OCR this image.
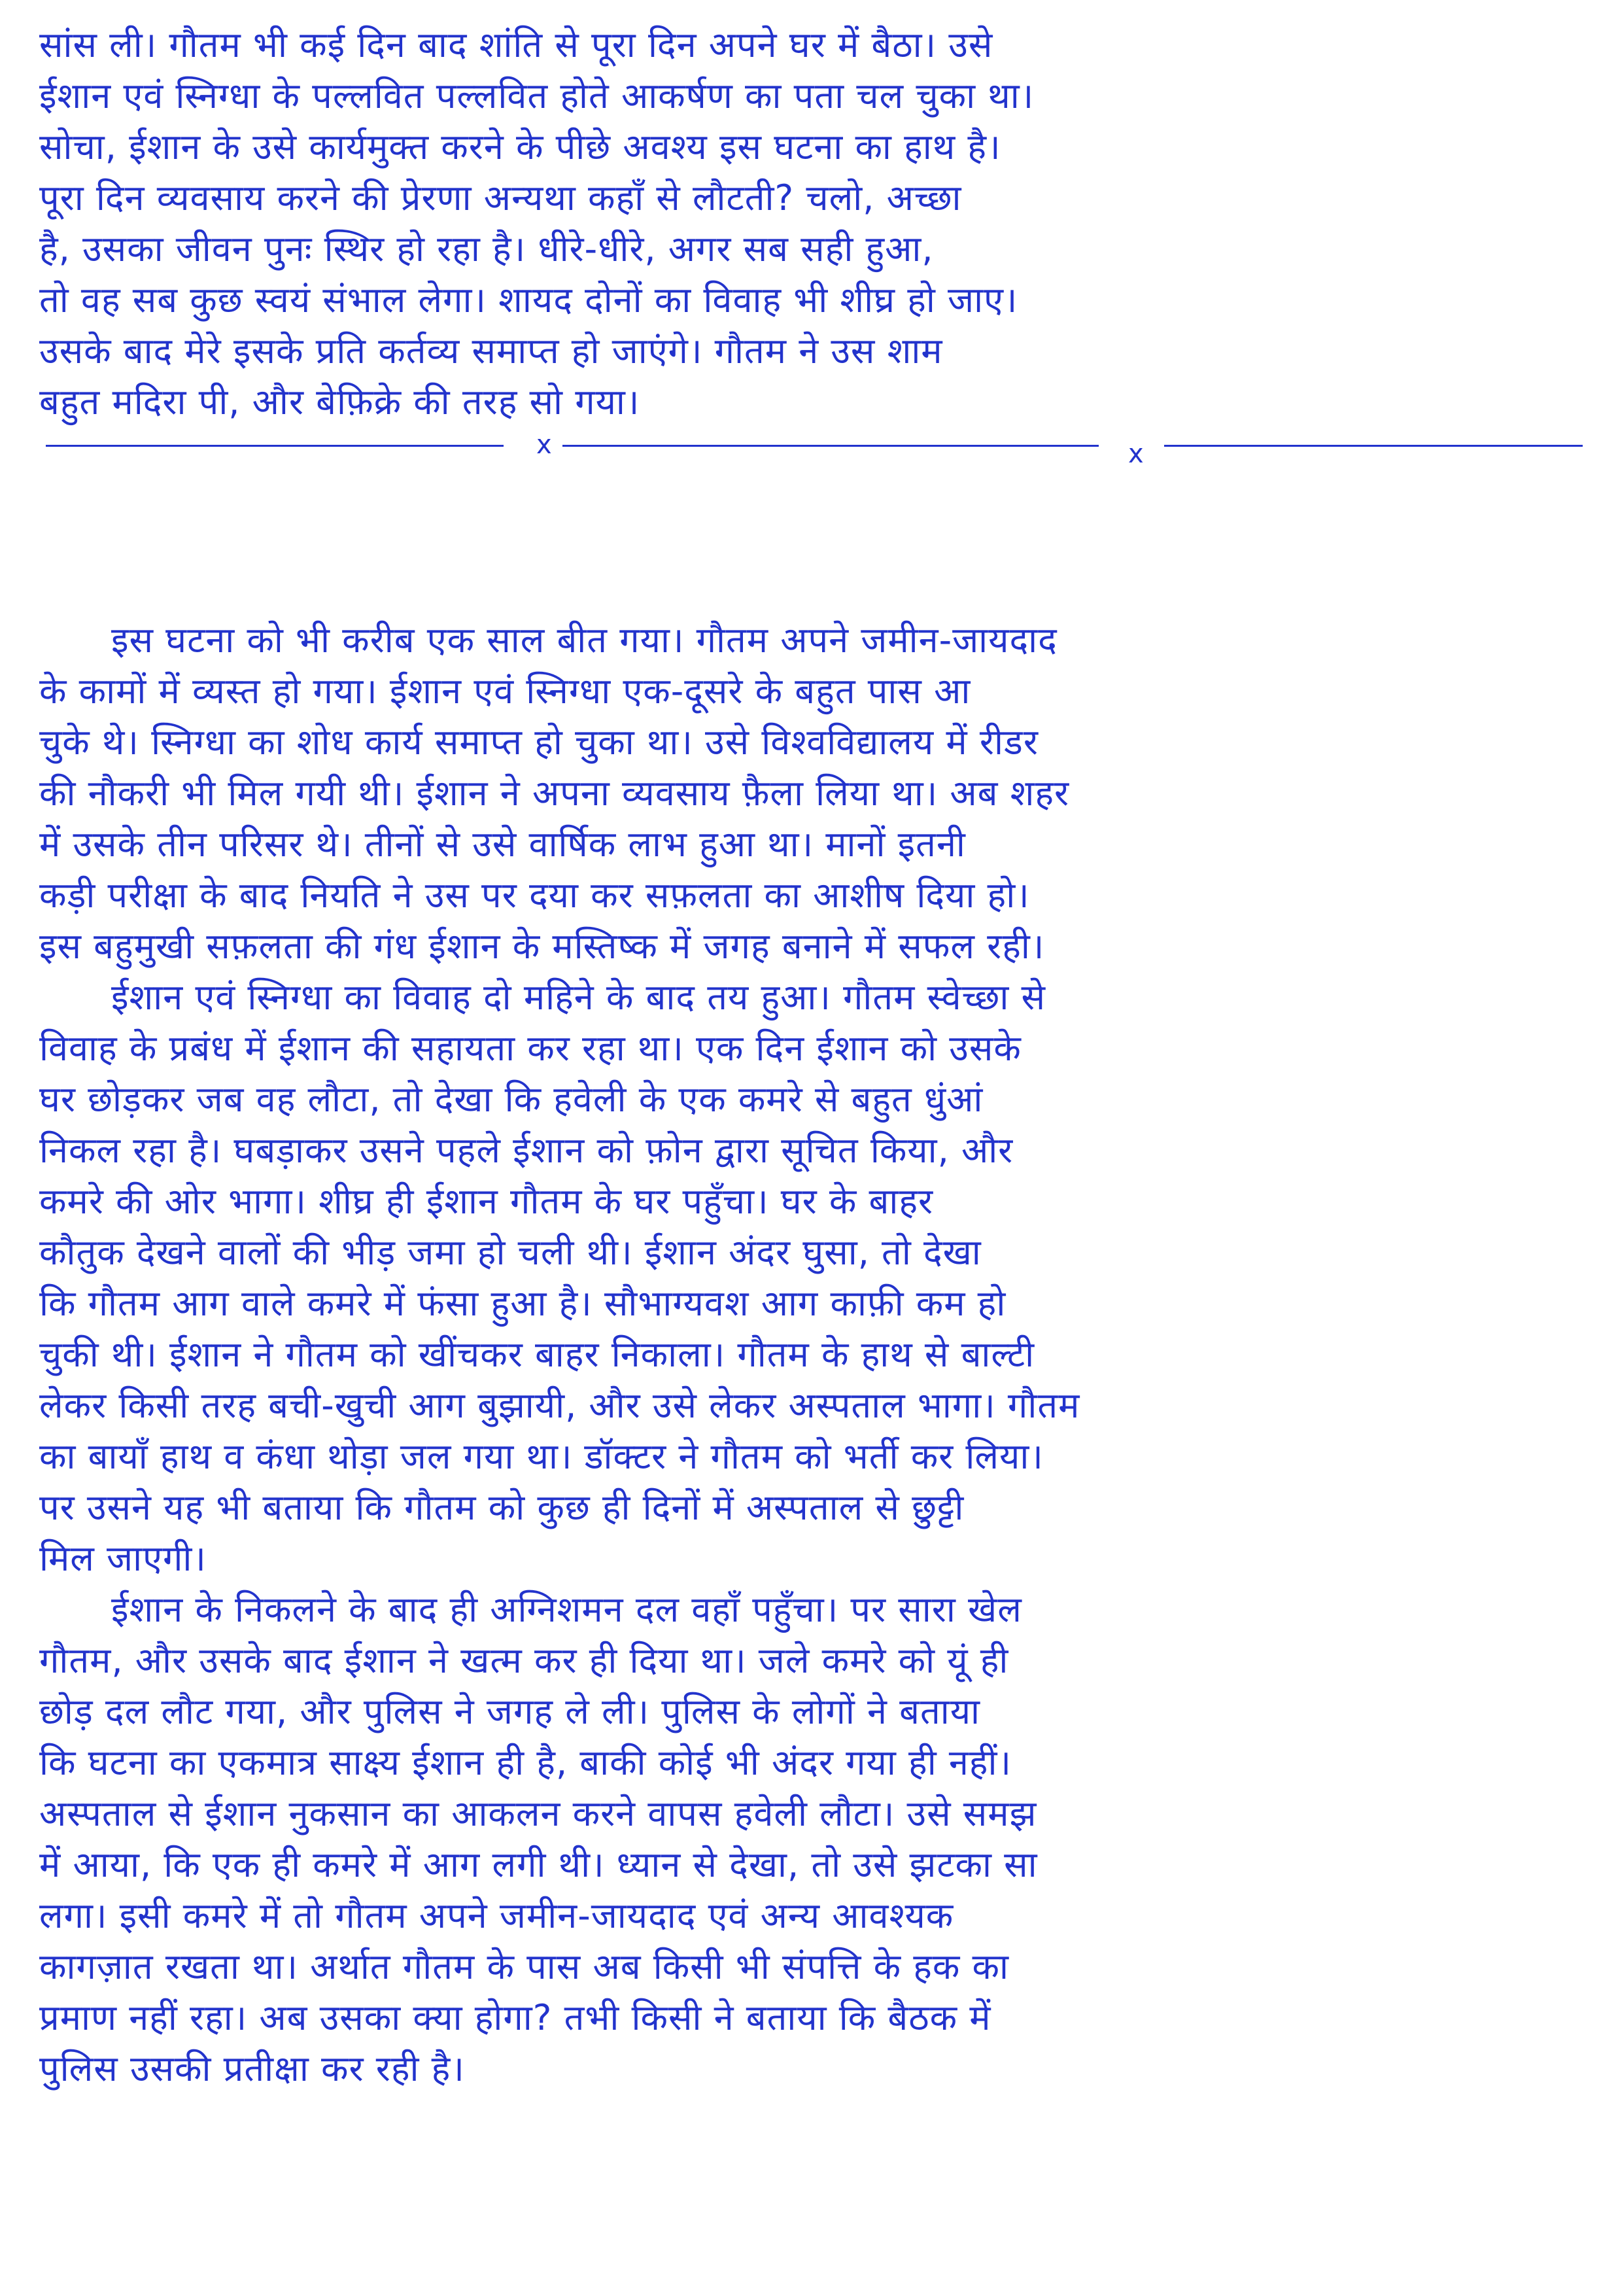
सांस ली। गौतम भी कई दिन बाद शांति से पूरा दिन अपने घर में बैठा। उसे
ईशान एवं स्निग्धा के पल्लवित पल्लवित होते आकर्षण का पता चल चुका था।
सोचा, ईशान के उसे कार्यमुक्त करने के पीछे अवश्य इस घटना का हाथ है।
पूरा दिन व्यवसाय करने की प्रेरणा अन्यथा कहाँ से लौटती? चलो, अच्छा
है, उसका जीवन पुनः स्थिर हो रहा है। धीरे-धीरे, अगर सब सही हुआ,
तो वह सब कुछ स्वयं संभाल लेगा। शायद दोनों का विवाह भी शीघ्र हो जाए।
उसके बाद मेरे इसके प्रति कर्तव्य समाप्त हो जाएंगे। गौतम ने उस शाम
बहुत मदिरा पी, और बेफ़िक्रे की तरह सो गया।
x	x
इस घटना को भी करीब एक साल बीत गया। गौतम अपने जमीन-जायदाद
के कामों में व्यस्त हो गया। ईशान एवं स्निग्धा एक-दूसरे के बहुत पास आ
चुके थे। स्निग्धा का शोध कार्य समाप्त हो चुका था। उसे विश्वविद्यालय में रीडर
की नौकरी भी मिल गयी थी। ईशान ने अपना व्यवसाय फ़ैला लिया था। अब शहर
में उसके तीन परिसर थे। तीनों से उसे वार्षिक लाभ हुआ था। मानों इतनी
कड़ी परीक्षा के बाद नियति ने उस पर दया कर सफ़लता का आशीष दिया हो।
इस बहुमुखी सफ़लता की गंध ईशान के मस्तिष्क में जगह बनाने में सफल रही।
ईशान एवं स्निग्धा का विवाह दो महिने के बाद तय हुआ। गौतम स्वेच्छा से
विवाह के प्रबंध में ईशान की सहायता कर रहा था। एक दिन ईशान को उसके
घर छोड़कर जब वह लौटा, तो देखा कि हवेली के एक कमरे से बहुत धुंआं
निकल रहा है। घबड़ाकर उसने पहले ईशान को फ़ोन द्वारा सूचित किया, और
कमरे की ओर भागा। शीघ्र ही ईशान गौतम के घर पहुँचा। घर के बाहर
कौतुक देखने वालों की भीड़ जमा हो चली थी। ईशान अंदर घुसा, तो देखा
कि गौतम आग वाले कमरे में फंसा हुआ है। सौभाग्यवश आग काफ़ी कम हो
चुकी थी। ईशान ने गौतम को खींचकर बाहर निकाला। गौतम के हाथ से बाल्टी
लेकर किसी तरह बची-खुची आग बुझायी, और उसे लेकर अस्पताल भागा। गौतम
का बायाँ हाथ व कंधा थोड़ा जल गया था। डॉक्टर ने गौतम को भर्ती कर लिया।
पर उसने यह भी बताया कि गौतम को कुछ ही दिनों में अस्पताल से छुट्टी
मिल जाएगी।
ईशान के निकलने के बाद ही अग्निशमन दल वहाँ पहुँचा। पर सारा खेल
गौतम, और उसके बाद ईशान ने खत्म कर ही दिया था। जले कमरे को यूं ही
छोड़ दल लौट गया, और पुलिस ने जगह ले ली। पुलिस के लोगों ने बताया
कि घटना का एकमात्र साक्ष्य ईशान ही है, बाकी कोई भी अंदर गया ही नहीं।
अस्पताल से ईशान नुकसान का आकलन करने वापस हवेली लौटा। उसे समझ
में आया, कि एक ही कमरे में आग लगी थी। ध्यान से देखा, तो उसे झटका सा
लगा। इसी कमरे में तो गौतम अपने जमीन-जायदाद एवं अन्य आवश्यक
कागज़ात रखता था। अर्थात गौतम के पास अब किसी भी संपत्ति के हक का
प्रमाण नहीं रहा। अब उसका क्या होगा? तभी किसी ने बताया कि बैठक में
पुलिस उसकी प्रतीक्षा कर रही है।
